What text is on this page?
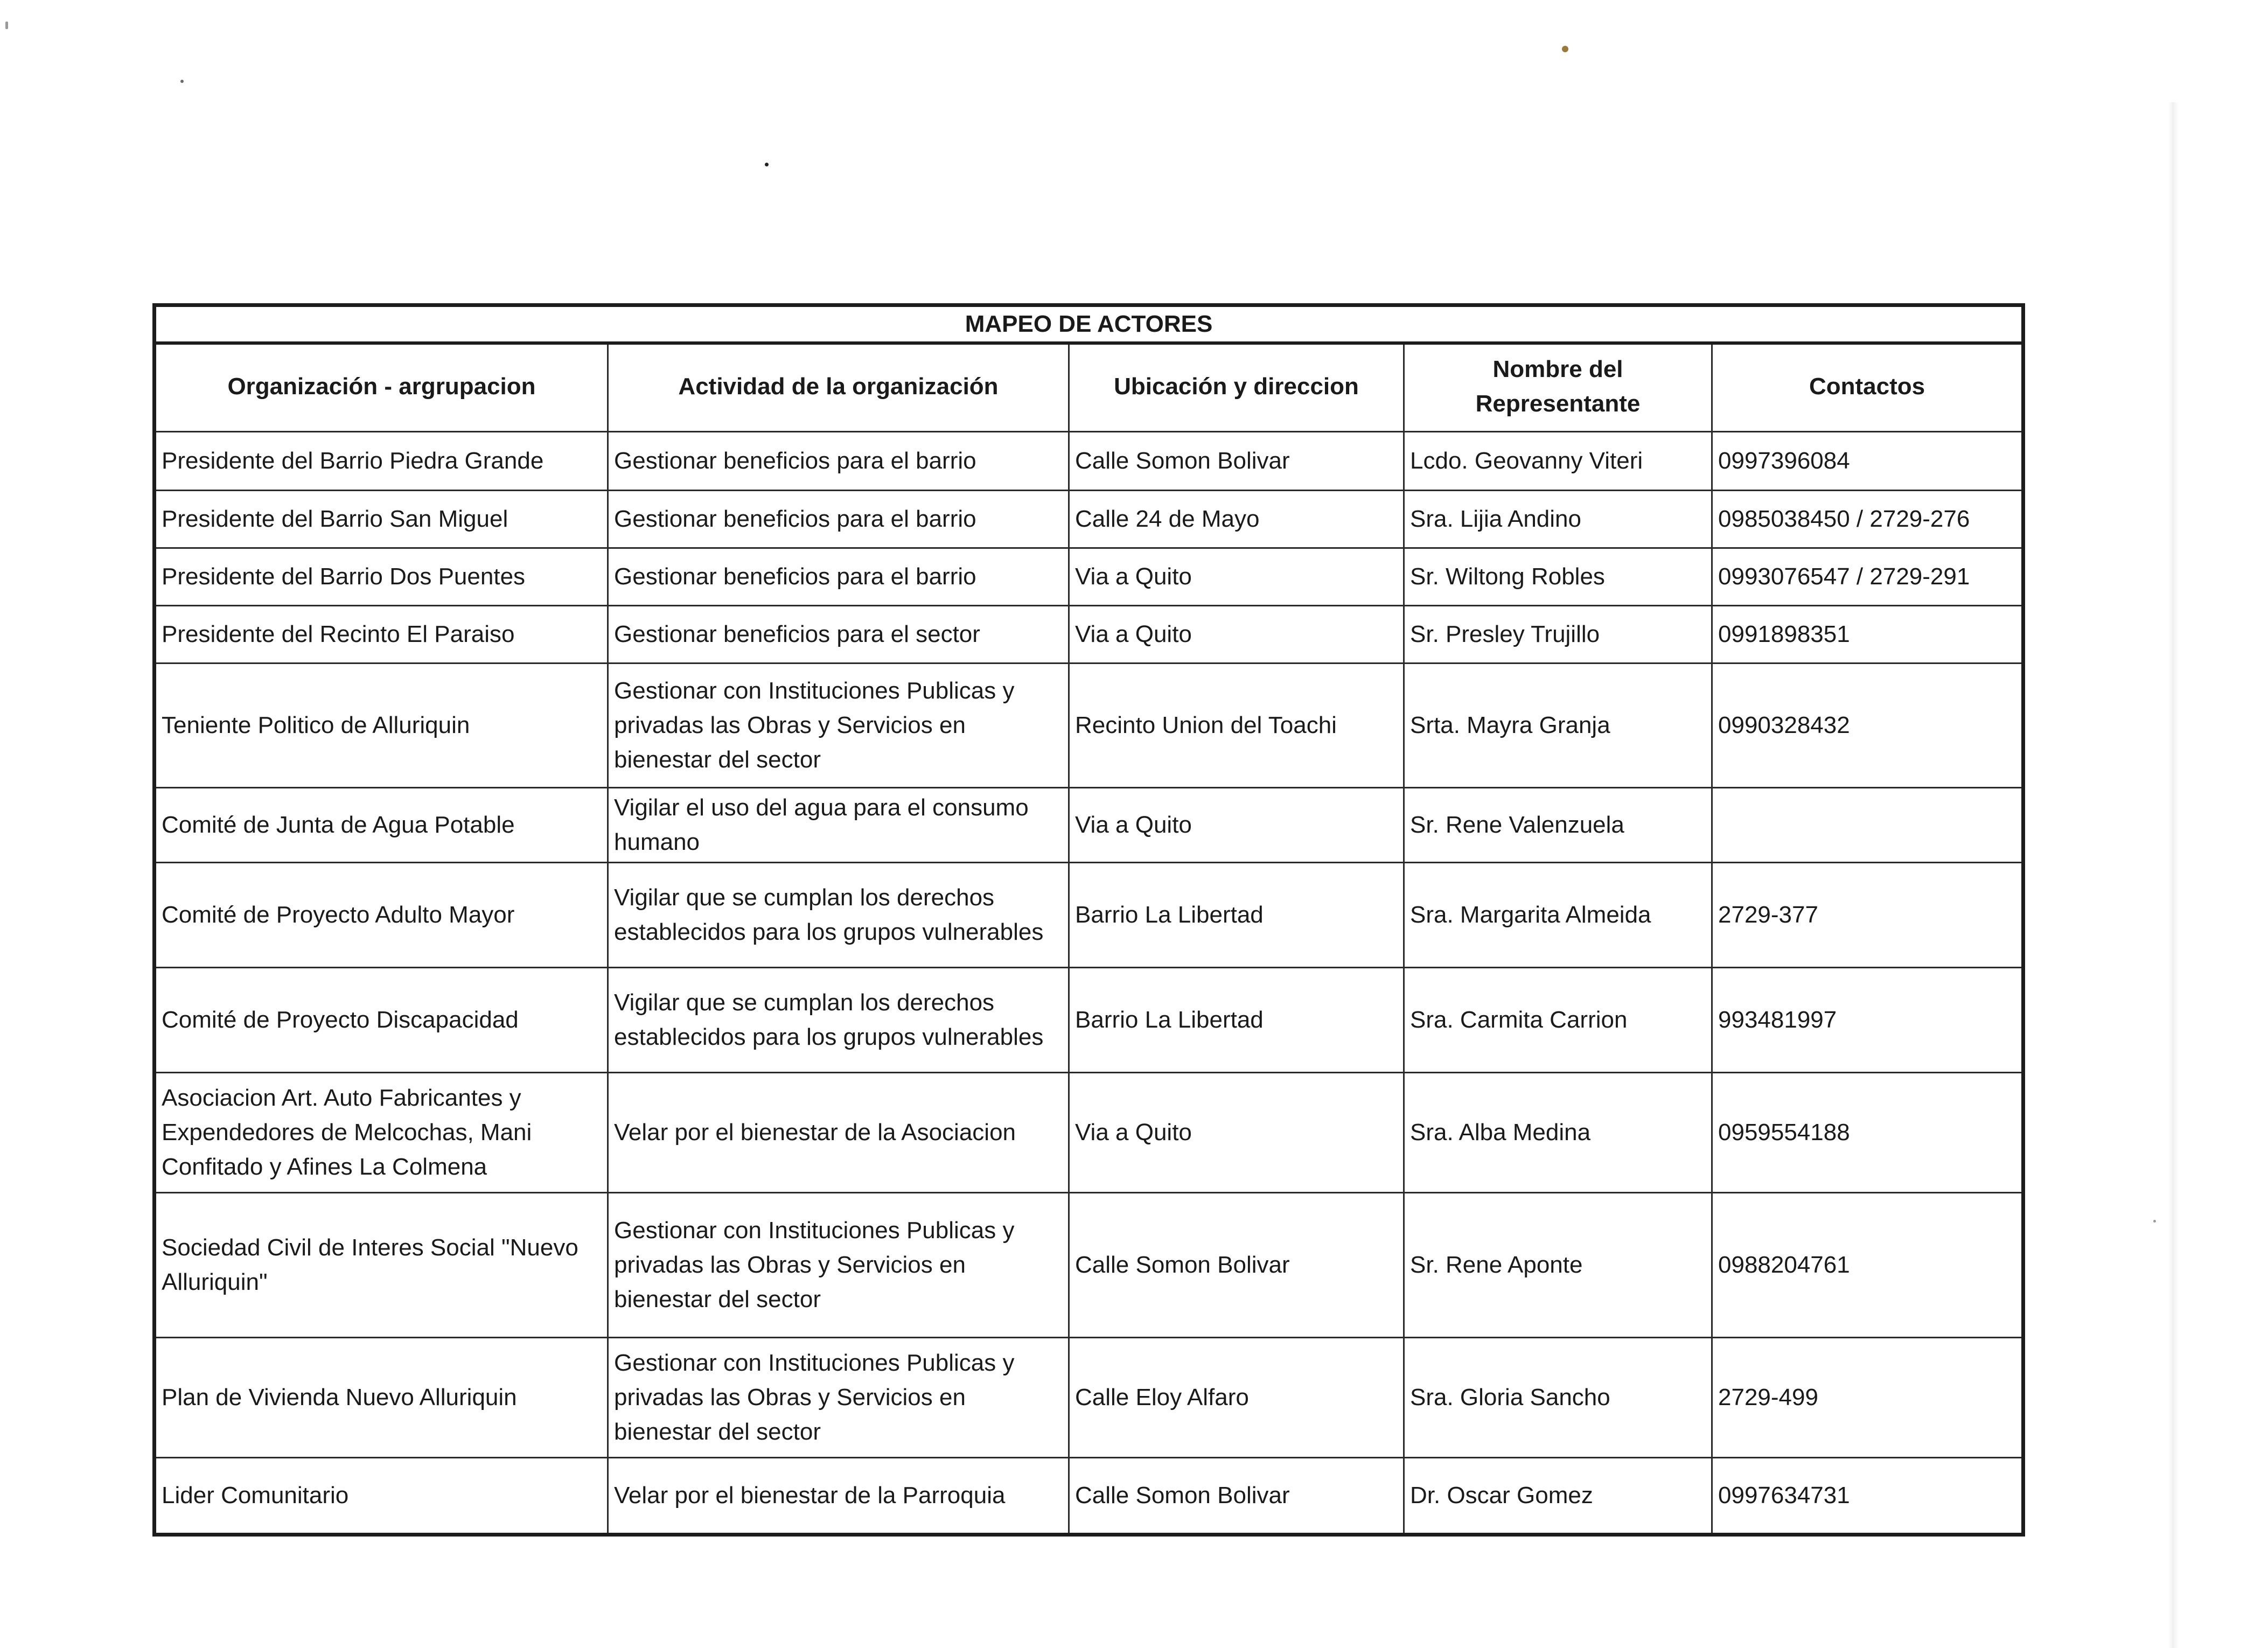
MAPEO DE ACTORES				
Organización - argrupacion	Actividad de la organización	Ubicación y direccion	Nombre del Representante	Contactos
Presidente del Barrio Piedra Grande	Gestionar beneficios para el barrio	Calle Somon Bolivar	Lcdo. Geovanny Viteri	0997396084
Presidente del Barrio San Miguel	Gestionar beneficios para el barrio	Calle 24 de Mayo	Sra. Lijia Andino	0985038450 / 2729-276
Presidente del Barrio Dos Puentes	Gestionar beneficios para el barrio	Via a Quito	Sr. Wiltong Robles	0993076547 / 2729-291
Presidente del Recinto El Paraiso	Gestionar beneficios para el sector	Via a Quito	Sr. Presley Trujillo	0991898351
Teniente Politico de Alluriquin	Gestionar con Instituciones Publicas y privadas las Obras y Servicios en bienestar del sector	Recinto Union del Toachi	Srta. Mayra Granja	0990328432
Comité de Junta de Agua Potable	Vigilar el uso del agua para el consumo humano	Via a Quito	Sr. Rene Valenzuela	
Comité de Proyecto Adulto Mayor	Vigilar que se cumplan los derechos establecidos para los grupos vulnerables	Barrio La Libertad	Sra. Margarita Almeida	2729-377
Comité de Proyecto Discapacidad	Vigilar que se cumplan los derechos establecidos para los grupos vulnerables	Barrio La Libertad	Sra. Carmita Carrion	993481997
Asociacion Art. Auto Fabricantes y Expendedores de Melcochas, Mani Confitado y Afines La Colmena	Velar por el bienestar de la Asociacion	Via a Quito	Sra. Alba Medina	0959554188
Sociedad Civil de Interes Social "Nuevo Alluriquin"	Gestionar con Instituciones Publicas y privadas las Obras y Servicios en bienestar del sector	Calle Somon Bolivar	Sr. Rene Aponte	0988204761
Plan de Vivienda Nuevo Alluriquin	Gestionar con Instituciones Publicas y privadas las Obras y Servicios en bienestar del sector	Calle Eloy Alfaro	Sra. Gloria Sancho	2729-499
Lider Comunitario	Velar por el bienestar de la Parroquia	Calle Somon Bolivar	Dr. Oscar Gomez	0997634731
